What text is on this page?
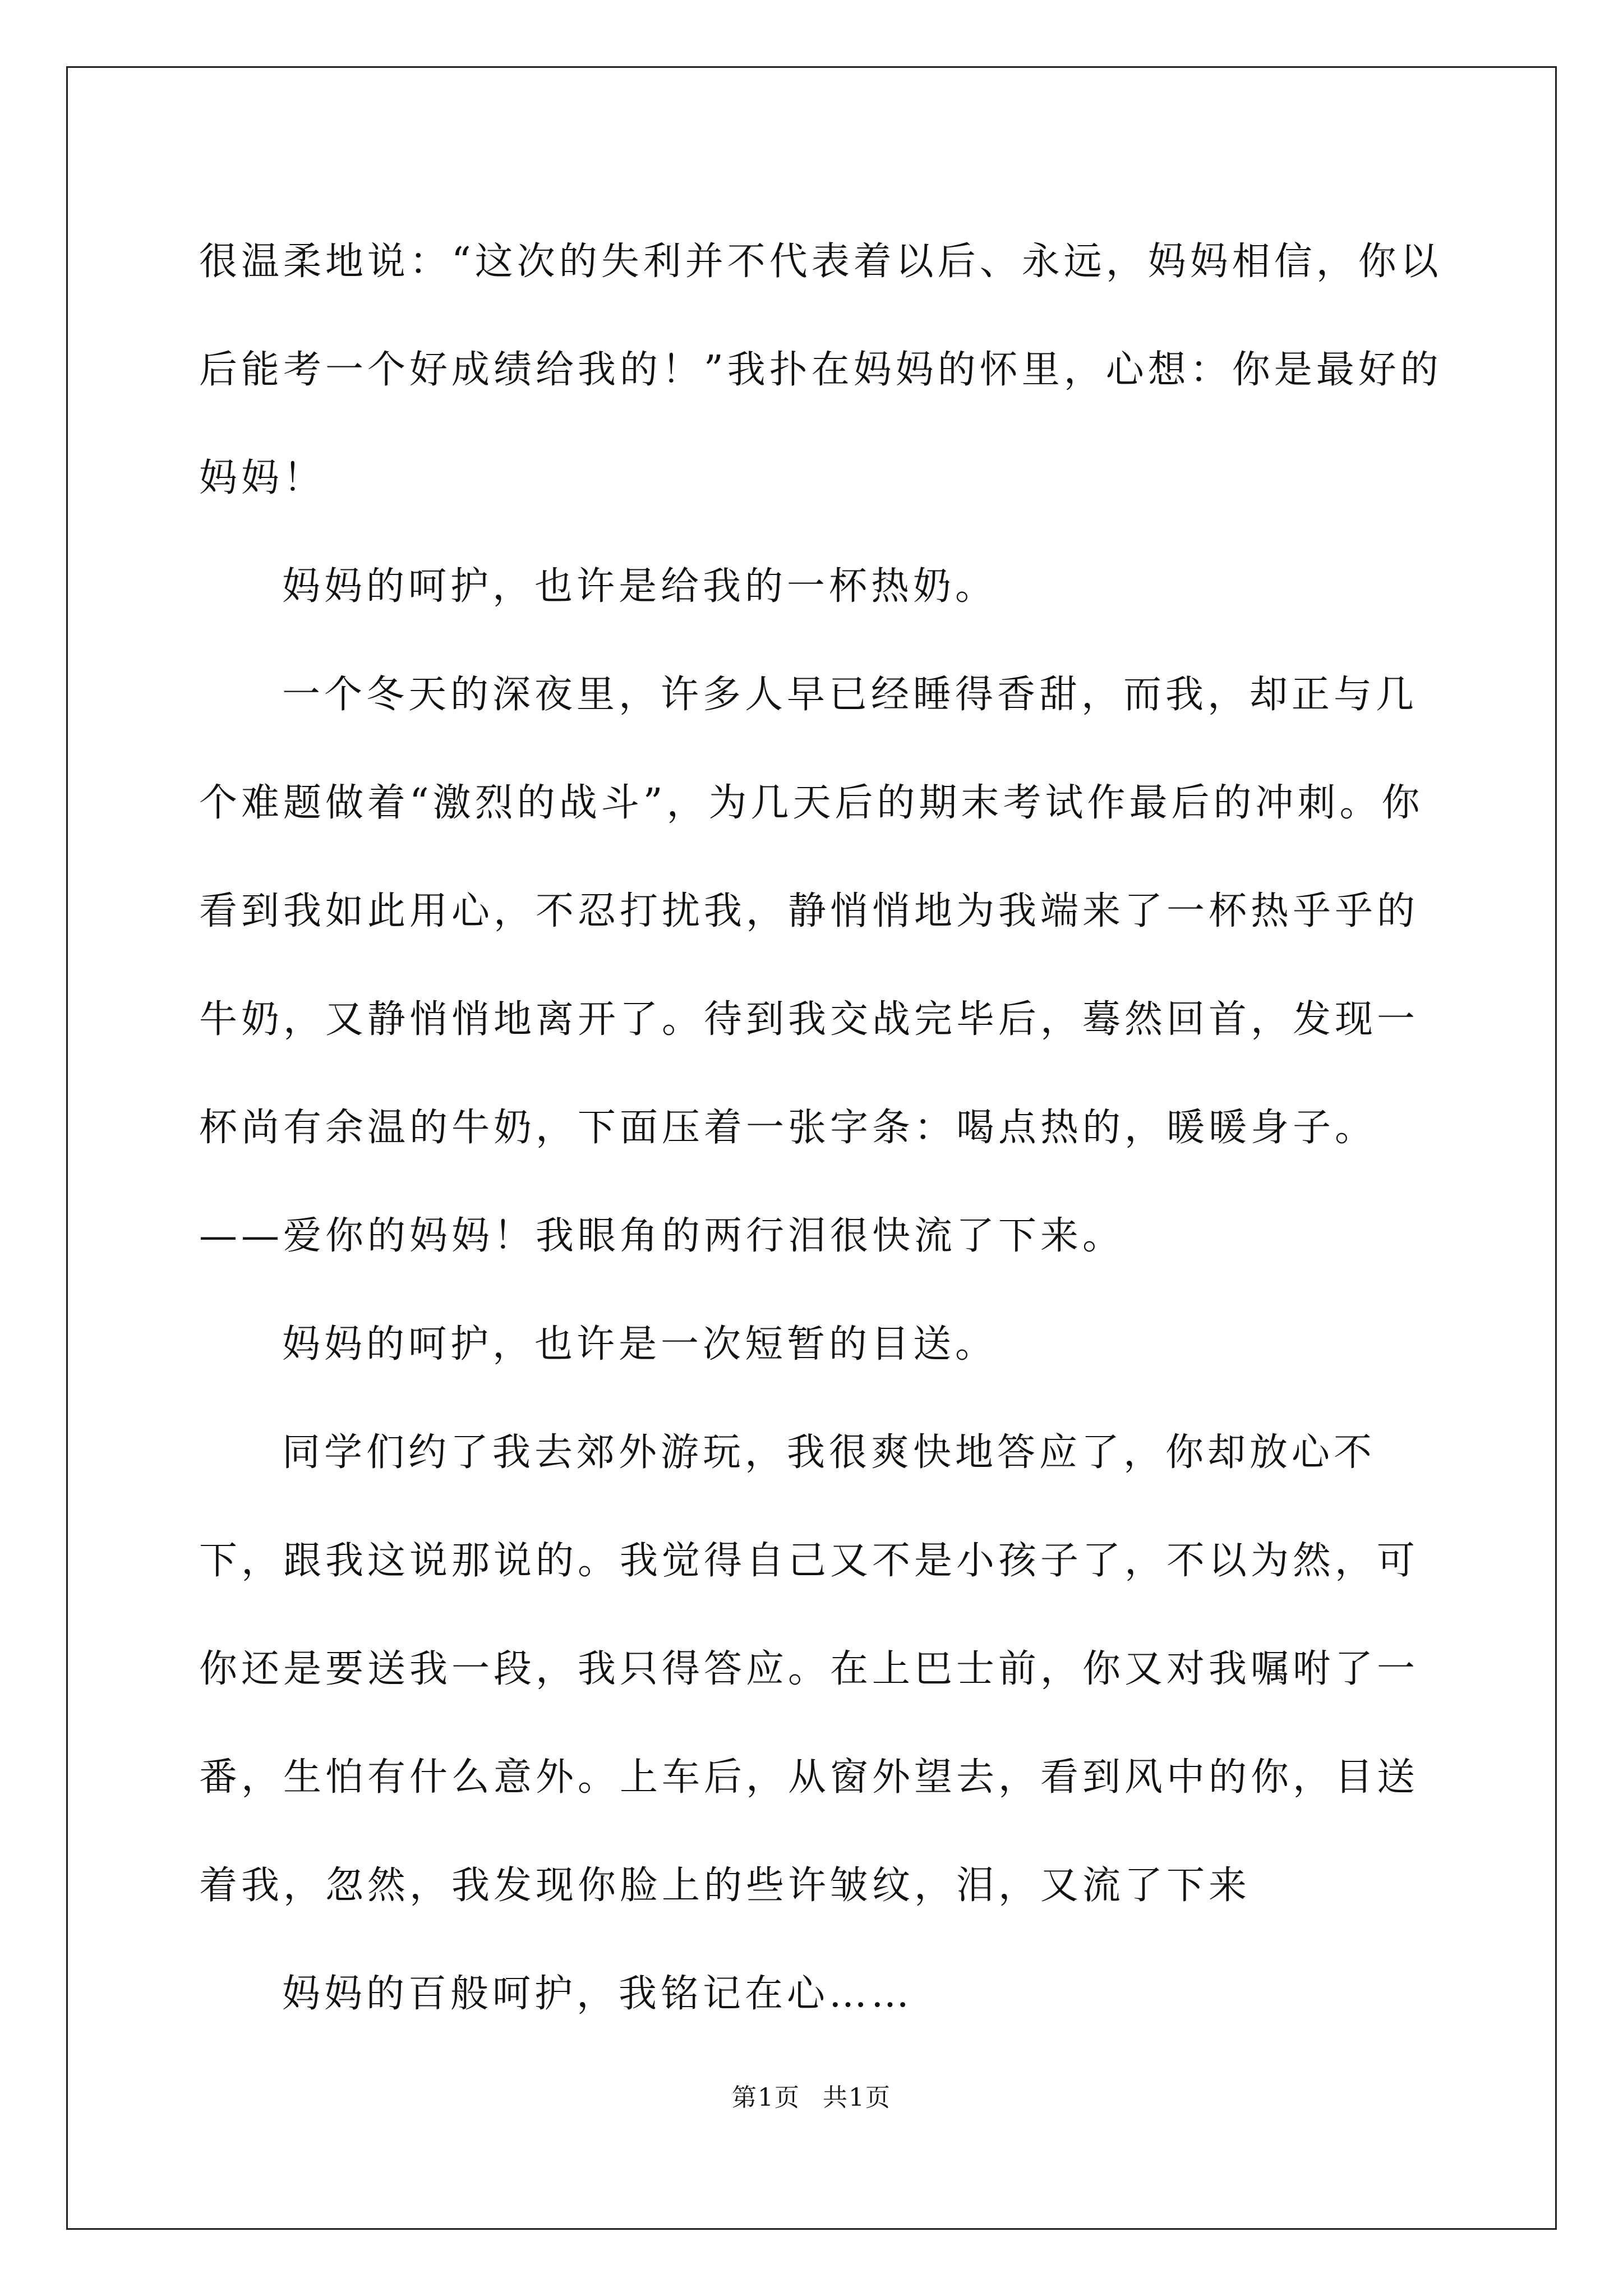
很温柔地说：“这次的失利并不代表着以后、永远，妈妈相信，你以后能考一个好成绩给我的！”我扑在妈妈的怀里，心想：你是最好的妈妈！

妈妈的呵护，也许是给我的一杯热奶。

一个冬天的深夜里，许多人早已经睡得香甜，而我，却正与几个难题做着“激烈的战斗”，为几天后的期末考试作最后的冲刺。你看到我如此用心，不忍打扰我，静悄悄地为我端来了一杯热乎乎的牛奶，又静悄悄地离开了。待到我交战完毕后，蓦然回首，发现一杯尚有余温的牛奶，下面压着一张字条：喝点热的，暖暖身子。——爱你的妈妈！我眼角的两行泪很快流了下来。

妈妈的呵护，也许是一次短暂的目送。

同学们约了我去郊外游玩，我很爽快地答应了，你却放心不下，跟我这说那说的。我觉得自己又不是小孩子了，不以为然，可你还是要送我一段，我只得答应。在上巴士前，你又对我嘱咐了一番，生怕有什么意外。上车后，从窗外望去，看到风中的你，目送着我，忽然，我发现你脸上的些许皱纹，泪，又流了下来

妈妈的百般呵护，我铭记在心……

第1页 共1页
